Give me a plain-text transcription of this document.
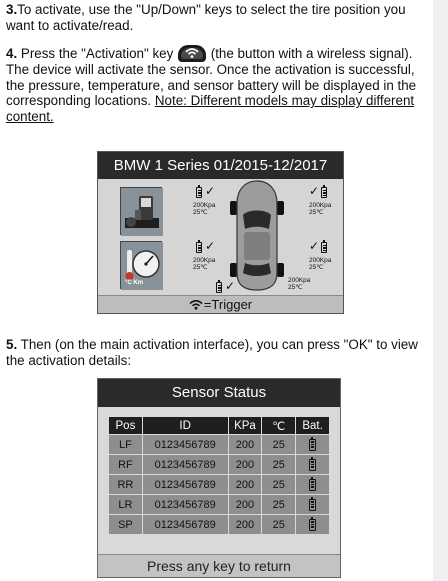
3.To activate, use the "Up/Down" keys to select the tire position you want to activate/read.

4. Press the "Activation" key
(the button with a wireless signal). The device will activate the sensor. Once the activation is successful, the pressure, temperature, and sensor battery will be displayed in the corresponding locations. Note: Different models may display different content.

BMW 1 Series 01/2015-12/2017
°C Km
✓
200Kpa
25℃
✓
200Kpa
25℃
✓
200Kpa
25℃
✓
200Kpa
25℃
✓	200Kpa
25℃
=Trigger

5. Then (on the main activation interface), you can press "OK" to view the activation details:

Sensor Status
Pos	ID	KPa	℃	Bat.
LF	0123456789	200	25	

RF	0123456789	200	25	

RR	0123456789	200	25	

LR	0123456789	200	25	

SP	0123456789	200	25	
Press any key to return
